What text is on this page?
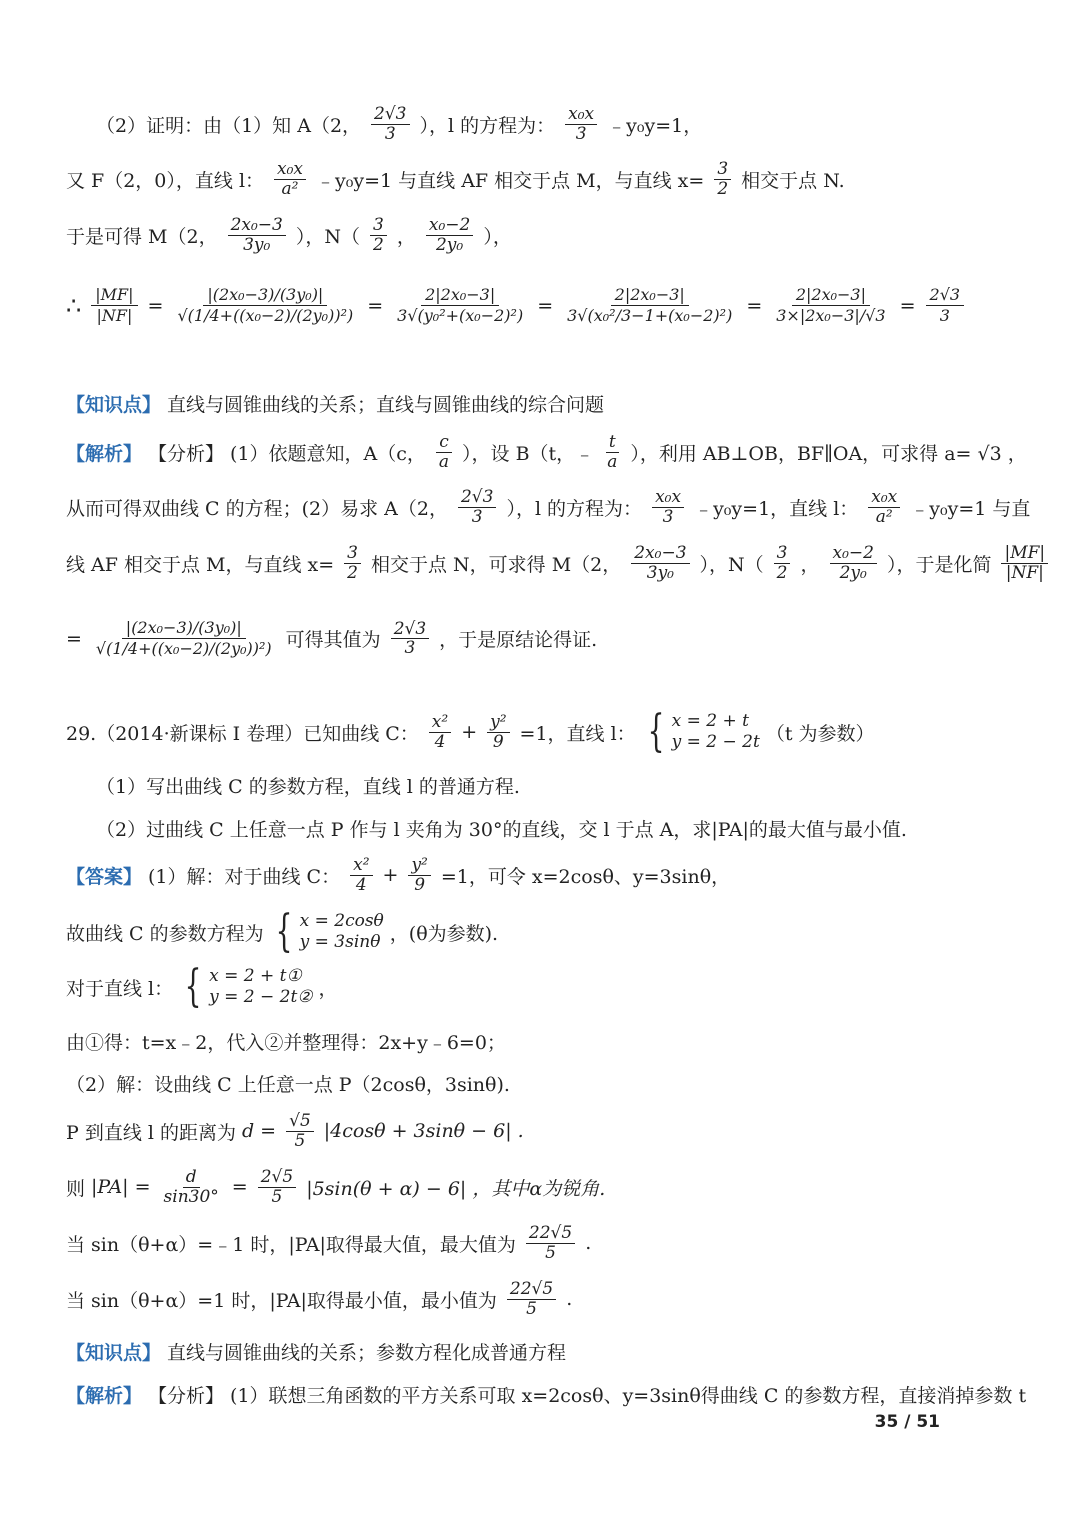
（2）证明：由（1）知 A（2， $\frac{2√3}{3}$ ），l 的方程为： $\frac{\text{x₀x}}{3}$ ﹣y₀y=1，
又 F（2，0），直线 l： $\frac{\text{x₀x}}{\text{a²}}$ ﹣y₀y=1 与直线 AF 相交于点 M，与直线 $x= \frac{3}{2}$ 相交于点 N.
于是可得 M（2， $\frac{\text{2x₀−3}}{\text{3y₀}}$ ），$N( \frac{3}{2}$ ， $\frac{\text{x₀−2}}{\text{2y₀}}$ ），
∴ $\frac{|MF|}{|NF|} = \frac{\text{|(2x₀−3)/(3y₀)|}}{\text{√(1/4+((x₀−2)/(2y₀))²)}} = \frac{\text{2|2x₀−3|}}{\text{3√(y₀²+(x₀−2)²)}} = \frac{\text{2|2x₀−3|}}{\text{3√(x₀²/3−1+(x₀−2)²)}} = \frac{\text{2|2x₀−3|}}{\text{3×|2x₀−3|/√3}} = \frac{2√3}{3}$
【知识点】 直线与圆锥曲线的关系；直线与圆锥曲线的综合问题
【解析】 【分析】 (1）依题意知，A（c， $\frac{c}{a}$ ），设 B（t，﹣ $\frac{t}{a}$ ），利用 AB⊥OB，BF∥OA，可求得 a= √3 ，
从而可得双曲线 C 的方程；(2）易求 A（2， $\frac{2√3}{3}$ ），l 的方程为： $\frac{\text{x₀x}}{3}$ ﹣y₀y=1，直线 l： $\frac{\text{x₀x}}{\text{a²}}$ ﹣y₀y=1 与直
线 AF 相交于点 M，与直线 $x= \frac{3}{2}$ 相交于点 N，可求得 M（2， $\frac{\text{2x₀−3}}{\text{3y₀}}$ ），$N( \frac{3}{2}$ ， $\frac{\text{x₀−2}}{\text{2y₀}}$ ），于是化简 $\frac{|MF|}{|NF|}$
= $\frac{\text{|(2x₀−3)/(3y₀)|}}{\text{√(1/4+((x₀−2)/(2y₀))²)}}$ 可得其值为 $\frac{2√3}{3}$ ，于是原结论得证.
29.（2014·新课标 I 卷理）已知曲线 C： $\frac{\text{x²}}{4} + \frac{\text{y²}}{9} =1$，直线 l： { x = 2 + t
y = 2 − 2t （t 为参数）
（1）写出曲线 C 的参数方程，直线 l 的普通方程.
（2）过曲线 C 上任意一点 P 作与 l 夹角为 30°的直线，交 l 于点 A，求|PA|的最大值与最小值.
【答案】 (1）解：对于曲线 C： $\frac{\text{x²}}{4} + \frac{\text{y²}}{9} =1$，可令 x=2cosθ、y=3sinθ，
故曲线 C 的参数方程为 { x = 2cosθ
y = 3sinθ ，(θ为参数).
对于直线 l： { x = 2 + t①
y = 2 − 2t② ，
由①得：t=x﹣2，代入②并整理得：2x+y﹣6=0；
（2）解：设曲线 C 上任意一点 P（2cosθ，3sinθ).
P 到直线 l 的距离为 $d = \frac{√5}{5} |4\cos\theta + 3\sin\theta - 6|$ .
则 $|PA| = \frac{d}{\sin 30^\circ} = \frac{2√5}{5} |5\sin(\theta + \alpha) - 6|$ ，其中α为锐角.
当 sin（θ+α）=﹣1 时，|PA|取得最大值，最大值为 $\frac{22√5}{5}$ .
当 sin（θ+α）=1 时，|PA|取得最小值，最小值为 $\frac{22√5}{5}$ .
【知识点】 直线与圆锥曲线的关系；参数方程化成普通方程
【解析】 【分析】 (1）联想三角函数的平方关系可取 x=2cosθ、y=3sinθ得曲线 C 的参数方程，直接消掉参数 t
35 / 51
